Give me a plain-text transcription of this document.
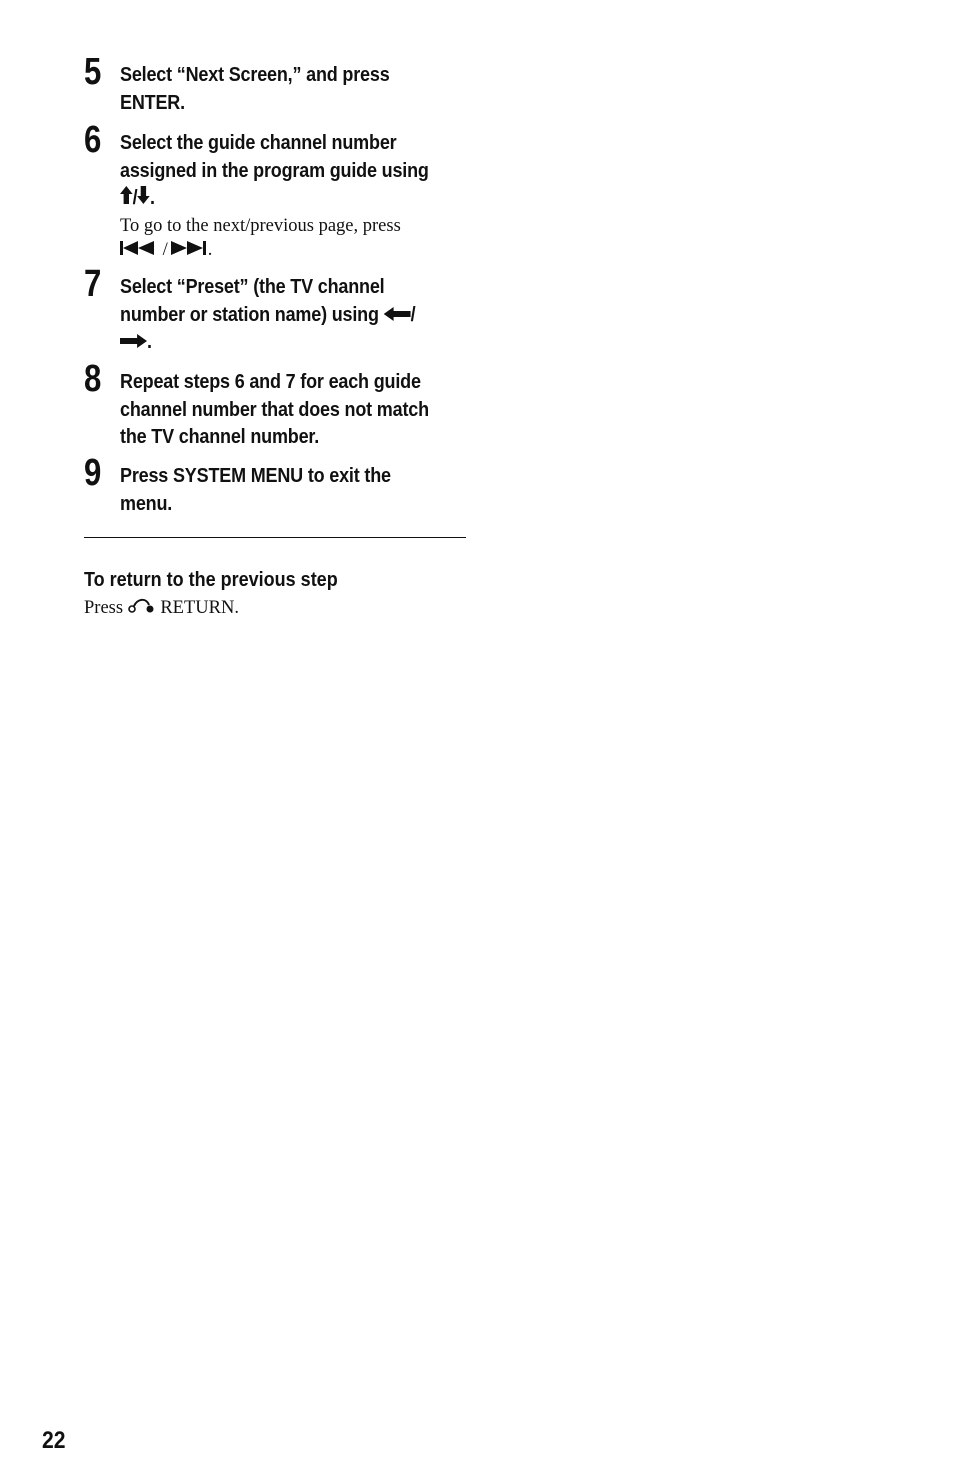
5 Select “Next Screen,” and press
ENTER.
6 Select the guide channel number
assigned in the program guide using
/ .
To go to the next/previous page, press
/ .
7 Select “Preset” (the TV channel
number or station name) using
/
.
8 Repeat steps 6 and 7 for each guide
channel number that does not match
the TV channel number.
9 Press SYSTEM MENU to exit the
menu.
To return to the previous step
Press
RETURN.
22
